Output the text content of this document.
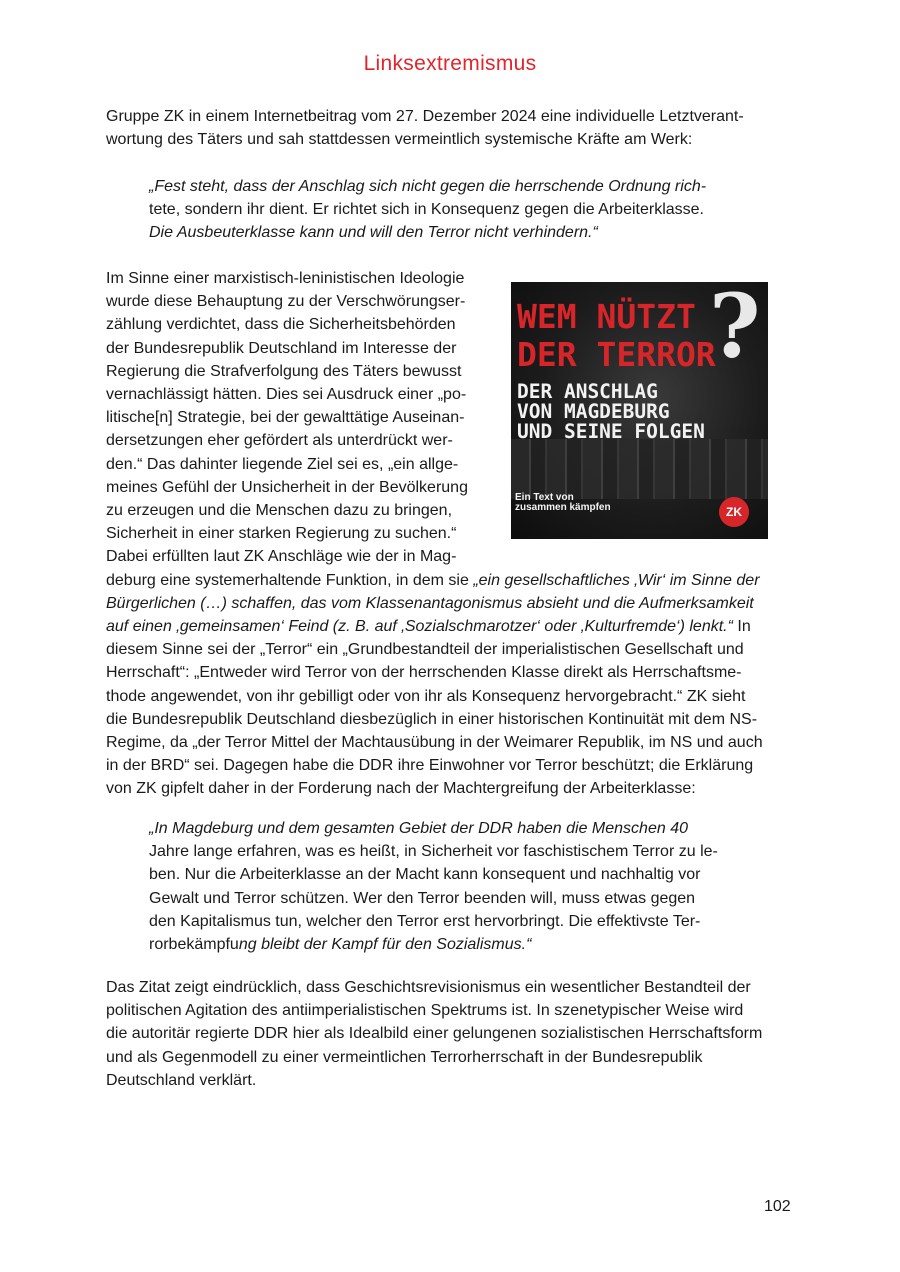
Linksextremismus

Gruppe ZK in einem Internetbeitrag vom 27. Dezember 2024 eine individuelle Letztverant-
wortung des Täters und sah stattdessen vermeintlich systemische Kräfte am Werk:

„Fest steht, dass der Anschlag sich nicht gegen die herrschende Ordnung rich-
tete, sondern ihr dient. Er richtet sich in Konsequenz gegen die Arbeiterklasse.
Die Ausbeuterklasse kann und will den Terror nicht verhindern.“

WEM NÜTZT
DER TERROR
?
DER ANSCHLAG
VON MAGDEBURG
UND SEINE FOLGEN
Ein Text von
zusammen kämpfen	ZK

Im Sinne einer marxistisch-leninistischen Ideologie
wurde diese Behauptung zu der Verschwörungser-
zählung verdichtet, dass die Sicherheitsbehörden
der Bundesrepublik Deutschland im Interesse der
Regierung die Strafverfolgung des Täters bewusst
vernachlässigt hätten. Dies sei Ausdruck einer „po-
litische[n] Strategie, bei der gewalttätige Auseinan-
dersetzungen eher gefördert als unterdrückt wer-
den.“ Das dahinter liegende Ziel sei es, „ein allge-
meines Gefühl der Unsicherheit in der Bevölkerung
zu erzeugen und die Menschen dazu zu bringen,
Sicherheit in einer starken Regierung zu suchen.“
Dabei erfüllten laut ZK Anschläge wie der in Mag-
deburg eine systemerhaltende Funktion, in dem sie „ein gesellschaftliches ‚Wir‘ im Sinne der
Bürgerlichen (…) schaffen, das vom Klassenantagonismus absieht und die Aufmerksamkeit
auf einen ‚gemeinsamen‘ Feind (z. B. auf ‚Sozialschmarotzer‘ oder ‚Kulturfremde‘) lenkt.“ In
diesem Sinne sei der „Terror“ ein „Grundbestandteil der imperialistischen Gesellschaft und
Herrschaft“: „Entweder wird Terror von der herrschenden Klasse direkt als Herrschaftsme-
thode angewendet, von ihr gebilligt oder von ihr als Konsequenz hervorgebracht.“ ZK sieht
die Bundesrepublik Deutschland diesbezüglich in einer historischen Kontinuität mit dem NS-
Regime, da „der Terror Mittel der Machtausübung in der Weimarer Republik, im NS und auch
in der BRD“ sei. Dagegen habe die DDR ihre Einwohner vor Terror beschützt; die Erklärung
von ZK gipfelt daher in der Forderung nach der Machtergreifung der Arbeiterklasse:

„In Magdeburg und dem gesamten Gebiet der DDR haben die Menschen 40
Jahre lange erfahren, was es heißt, in Sicherheit vor faschistischem Terror zu le-
ben. Nur die Arbeiterklasse an der Macht kann konsequent und nachhaltig vor
Gewalt und Terror schützen. Wer den Terror beenden will, muss etwas gegen
den Kapitalismus tun, welcher den Terror erst hervorbringt. Die effektivste Ter-
rorbekämpfung bleibt der Kampf für den Sozialismus.“

Das Zitat zeigt eindrücklich, dass Geschichtsrevisionismus ein wesentlicher Bestandteil der
politischen Agitation des antiimperialistischen Spektrums ist. In szenetypischer Weise wird
die autoritär regierte DDR hier als Idealbild einer gelungenen sozialistischen Herrschaftsform
und als Gegenmodell zu einer vermeintlichen Terrorherrschaft in der Bundesrepublik
Deutschland verklärt.

102
